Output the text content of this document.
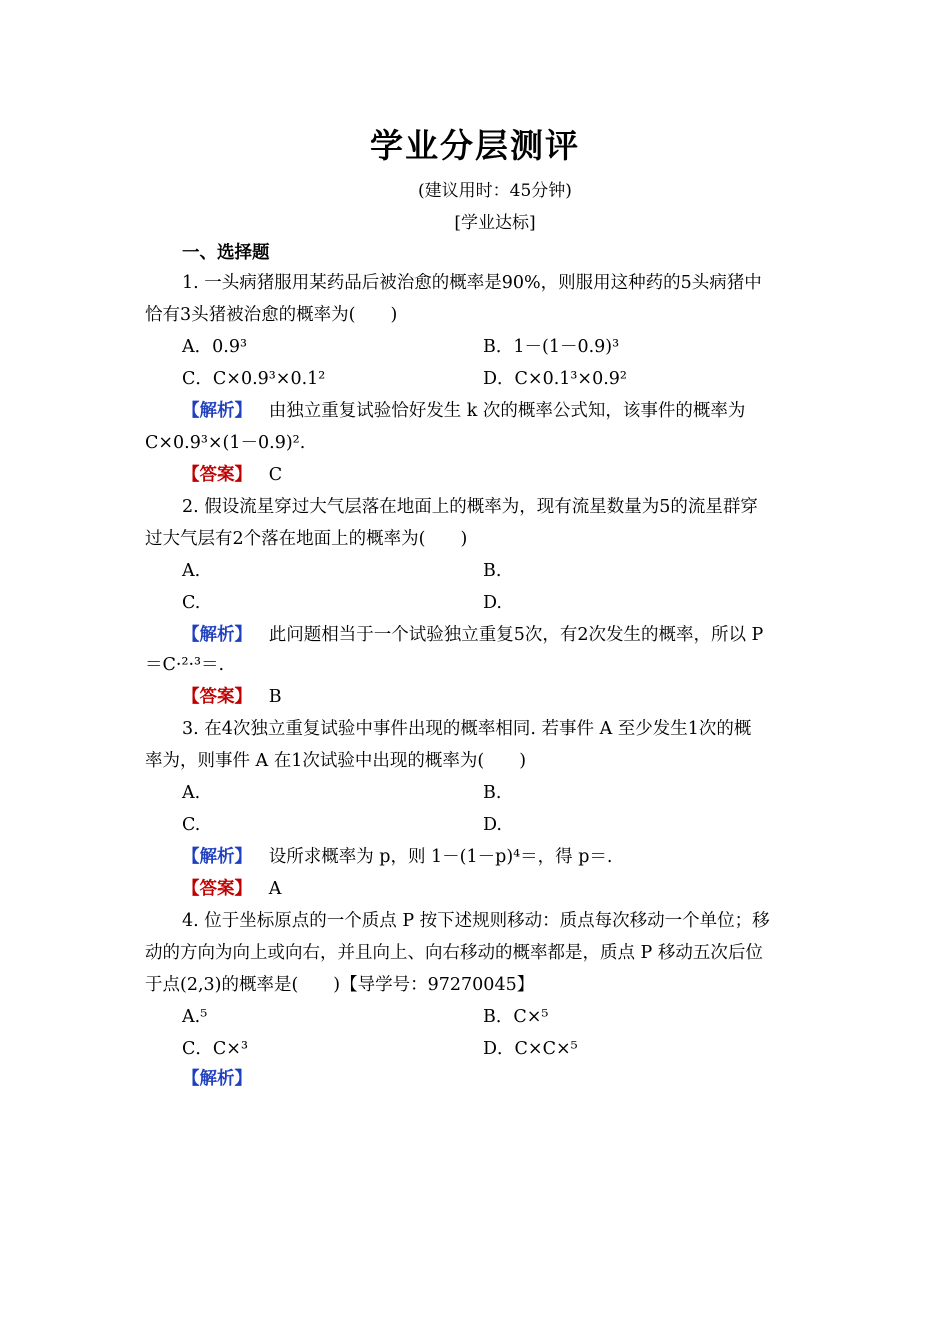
学业分层测评
(建议用时：45分钟)
[学业达标]
一、选择题
1. 一头病猪服用某药品后被治愈的概率是90%，则服用这种药的5头病猪中
恰有3头猪被治愈的概率为(　　)
A．0.9³	B．1－(1－0.9)³
C．C×0.9³×0.1²	D．C×0.1³×0.9²
【解析】 由独立重复试验恰好发生 k 次的概率公式知，该事件的概率为
C×0.9³×(1－0.9)².
【答案】 C
2. 假设流星穿过大气层落在地面上的概率为，现有流星数量为5的流星群穿
过大气层有2个落在地面上的概率为(　　)
A.	B.
C.	D.
【解析】 此问题相当于一个试验独立重复5次，有2次发生的概率，所以 P
＝C·²·³＝.
【答案】 B
3. 在4次独立重复试验中事件出现的概率相同. 若事件 A 至少发生1次的概
率为，则事件 A 在1次试验中出现的概率为(　　)
A.	B.
C.	D.
【解析】 设所求概率为 p，则 1－(1－p)⁴＝，得 p＝.
【答案】 A
4. 位于坐标原点的一个质点 P 按下述规则移动：质点每次移动一个单位；移
动的方向为向上或向右，并且向上、向右移动的概率都是，质点 P 移动五次后位
于点(2,3)的概率是(　　)【导学号：97270045】
A.⁵	B．C×⁵
C．C×³	D．C×C×⁵
【解析】
